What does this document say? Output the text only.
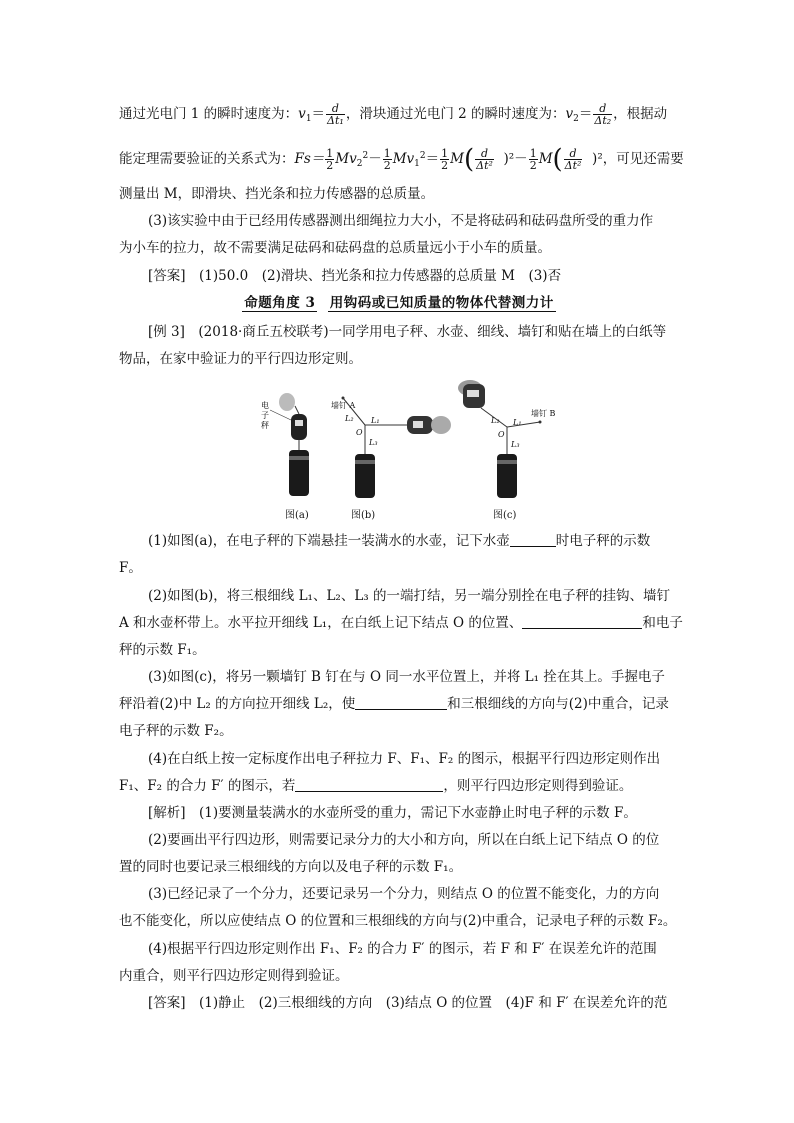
通过光电门 1 的瞬时速度为：$v_1= \frac{d}{\text{Δt₁}}$ ，滑块通过光电门 2 的瞬时速度为：$v_2= \frac{d}{\text{Δt₂}}$ ，根据动
能定理需要验证的关系式为：$Fs= \frac{1}{2} Mv_2^2- \frac{1}{2} Mv_1^2= \frac{1}{2} M( \frac{d}{\text{Δt²}} )^2- \frac{1}{2} M( \frac{d}{\text{Δt²}} )^2$，可见还需要
测量出 M，即滑块、挡光条和拉力传感器的总质量。
(3)该实验中由于已经用传感器测出细绳拉力大小，不是将砝码和砝码盘所受的重力作
为小车的拉力，故不需要满足砝码和砝码盘的总质量远小于小车的质量。
[答案]　(1)50.0　(2)滑块、挡光条和拉力传感器的总质量 M　(3)否
命题角度 3 用钩码或已知质量的物体代替测力计
[例 3]　(2018·商丘五校联考)一同学用电子秤、水壶、细线、墙钉和贴在墙上的白纸等
物品，在家中验证力的平行四边形定则。
电
子
秤
墙钉 A
L₂ L₁
O
L₃
墙钉 B
L₂ L₁
O
L₃
图(a)	图(b)	图(c)
(1)如图(a)，在电子秤的下端悬挂一装满水的水壶，记下水壶	时电子秤的示数
F。
(2)如图(b)，将三根细线 L₁、L₂、L₃ 的一端打结，另一端分别拴在电子秤的挂钩、墙钉
A 和水壶杯带上。水平拉开细线 L₁，在白纸上记下结点 O 的位置、	和电子
秤的示数 F₁。
(3)如图(c)，将另一颗墙钉 B 钉在与 O 同一水平位置上，并将 L₁ 拴在其上。手握电子
秤沿着(2)中 L₂ 的方向拉开细线 L₂，使	和三根细线的方向与(2)中重合，记录
电子秤的示数 F₂。
(4)在白纸上按一定标度作出电子秤拉力 F、F₁、F₂ 的图示，根据平行四边形定则作出
F₁、F₂ 的合力 F′ 的图示，若	，则平行四边形定则得到验证。
[解析]　(1)要测量装满水的水壶所受的重力，需记下水壶静止时电子秤的示数 F。
(2)要画出平行四边形，则需要记录分力的大小和方向，所以在白纸上记下结点 O 的位
置的同时也要记录三根细线的方向以及电子秤的示数 F₁。
(3)已经记录了一个分力，还要记录另一个分力，则结点 O 的位置不能变化，力的方向
也不能变化，所以应使结点 O 的位置和三根细线的方向与(2)中重合，记录电子秤的示数 F₂。
(4)根据平行四边形定则作出 F₁、F₂ 的合力 F′ 的图示，若 F 和 F′ 在误差允许的范围
内重合，则平行四边形定则得到验证。
[答案]　(1)静止　(2)三根细线的方向　(3)结点 O 的位置　(4)F 和 F′ 在误差允许的范
